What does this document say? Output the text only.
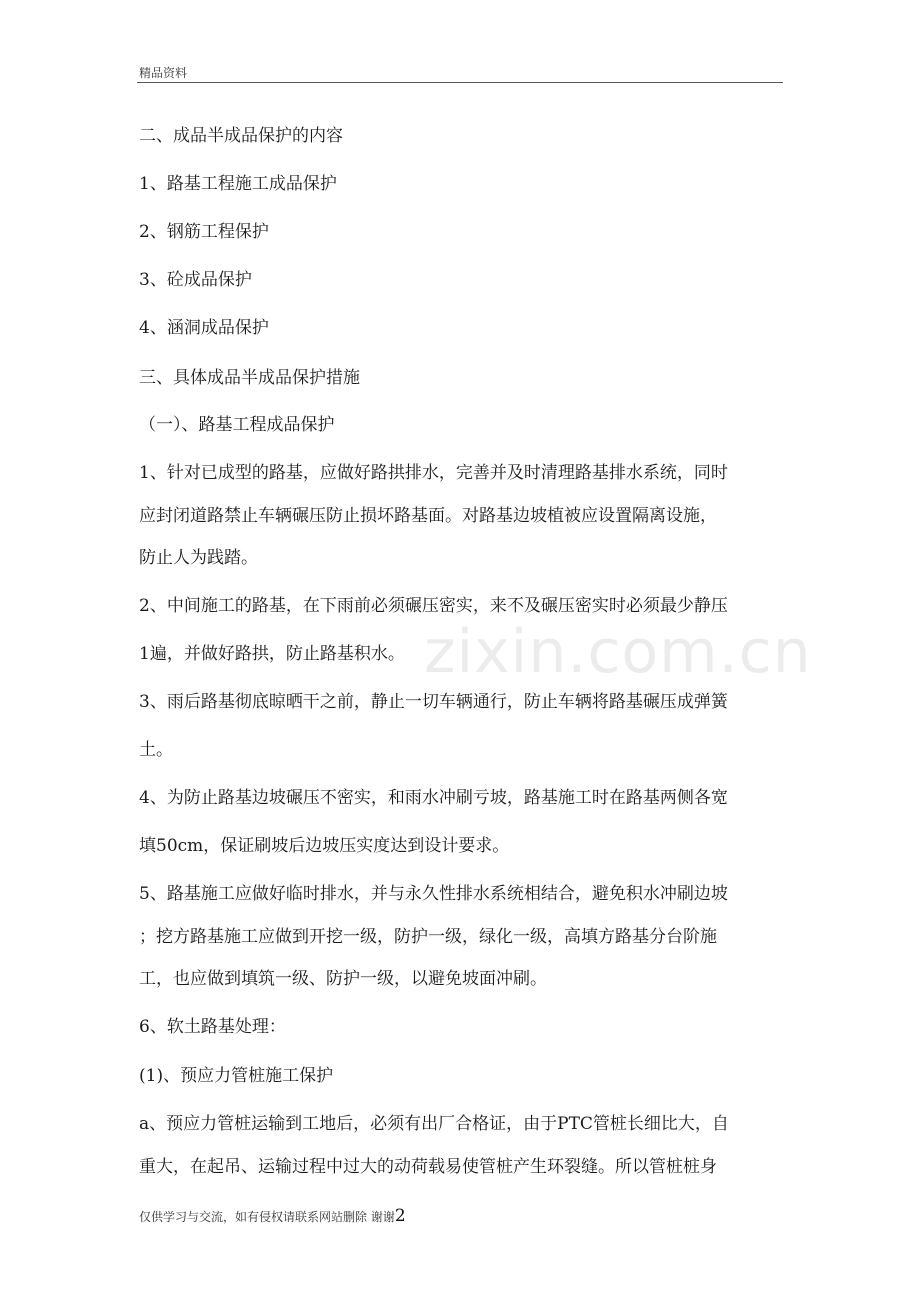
精品资料
zixin.com.cn

二、成品半成品保护的内容

1、路基工程施工成品保护

2、钢筋工程保护

3、砼成品保护

4、涵洞成品保护

三、具体成品半成品保护措施

（一）、路基工程成品保护

1、针对已成型的路基，应做好路拱排水，完善并及时清理路基排水系统，同时

应封闭道路禁止车辆碾压防止损坏路基面。对路基边坡植被应设置隔离设施，

防止人为践踏。

2、中间施工的路基，在下雨前必须碾压密实，来不及碾压密实时必须最少静压

1遍，并做好路拱，防止路基积水。

3、雨后路基彻底晾晒干之前，静止一切车辆通行，防止车辆将路基碾压成弹簧

土。

4、为防止路基边坡碾压不密实，和雨水冲刷亏坡，路基施工时在路基两侧各宽

填50cm，保证刷坡后边坡压实度达到设计要求。

5、路基施工应做好临时排水，并与永久性排水系统相结合，避免积水冲刷边坡

；挖方路基施工应做到开挖一级，防护一级，绿化一级，高填方路基分台阶施

工，也应做到填筑一级、防护一级，以避免坡面冲刷。

6、软土路基处理：

(1)、预应力管桩施工保护

a、预应力管桩运输到工地后，必须有出厂合格证，由于PTC管桩长细比大，自

重大，在起吊、运输过程中过大的动荷载易使管桩产生环裂缝。所以管桩桩身

仅供学习与交流，如有侵权请联系网站删除 谢谢2
